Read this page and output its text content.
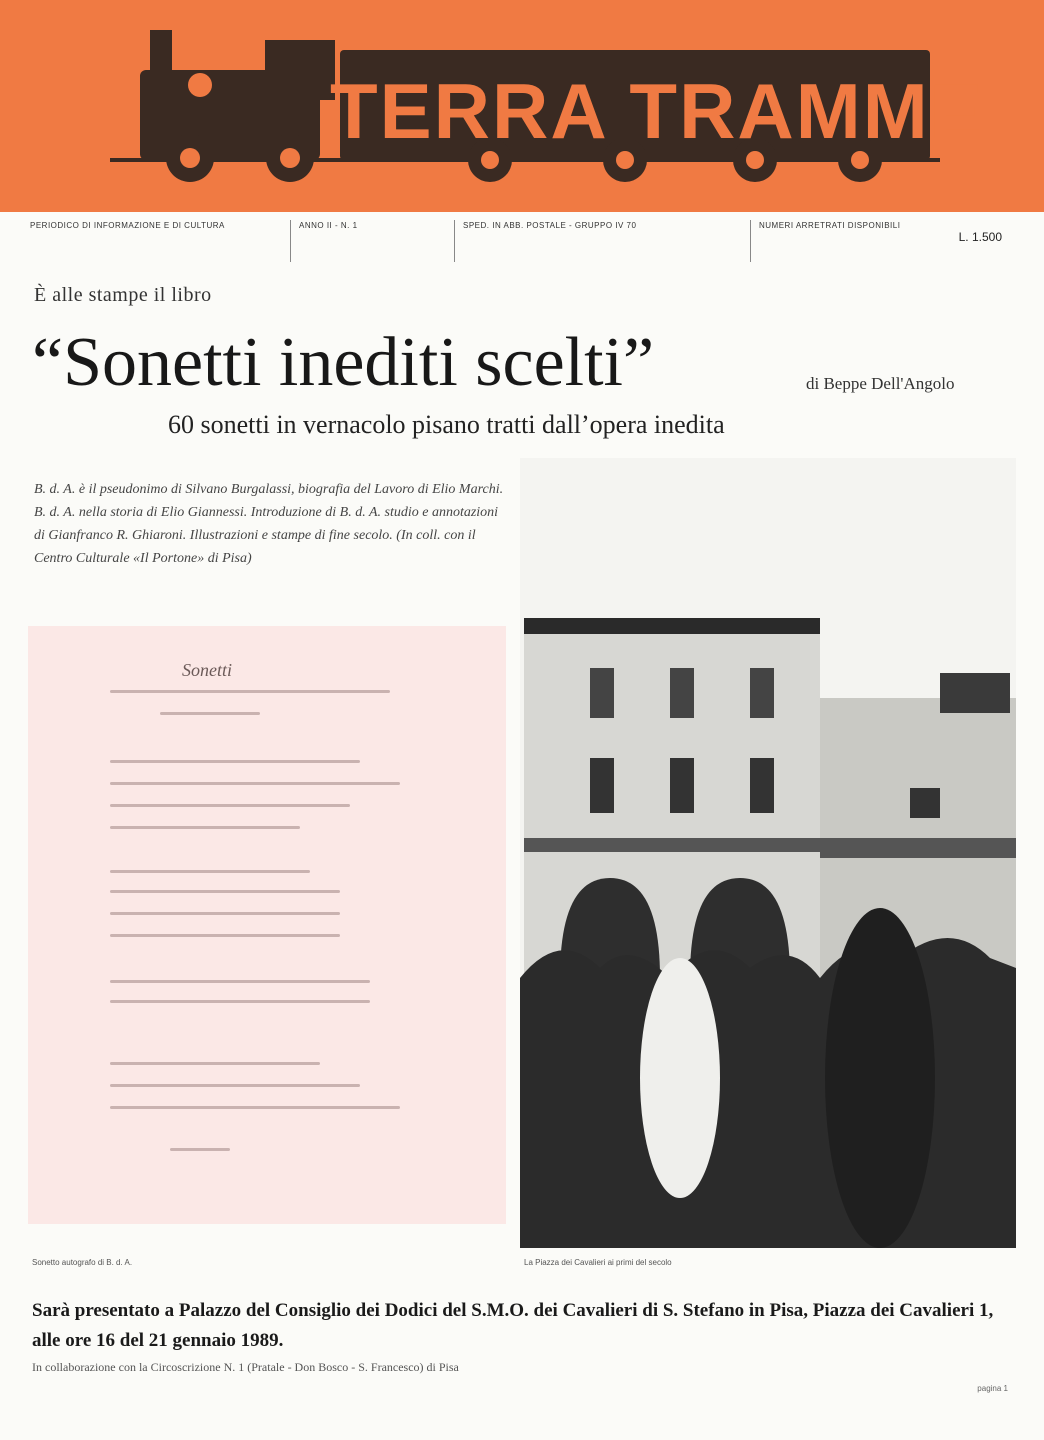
TERRA TRAMME
PERIODICO DI INFORMAZIONE E DI CULTURA	ANNO II - N. 1	SPED. IN ABB. POSTALE - GRUPPO IV 70	NUMERI ARRETRATI DISPONIBILI
L. 1.500
È alle stampe il libro
“Sonetti inediti scelti”	di Beppe Dell'Angolo
60 sonetti in vernacolo pisano tratti dall’opera inedita
B. d. A. è il pseudonimo di Silvano Burgalassi, biografia del Lavoro di Elio Marchi. B. d. A. nella storia di Elio Giannessi. Introduzione di B. d. A. studio e annotazioni di Gianfranco R. Ghiaroni. Illustrazioni e stampe di fine secolo. (In coll. con il Centro Culturale «Il Portone» di Pisa)
Sonetti
Sonetto autografo di B. d. A.	La Piazza dei Cavalieri ai primi del secolo

Sarà presentato a Palazzo del Consiglio dei Dodici del S.M.O. dei Cavalieri di S. Stefano in Pisa, Piazza dei Cavalieri 1, alle ore 16 del 21 gennaio 1989.

In collaborazione con la Circoscrizione N. 1 (Pratale - Don Bosco - S. Francesco) di Pisa
pagina 1
